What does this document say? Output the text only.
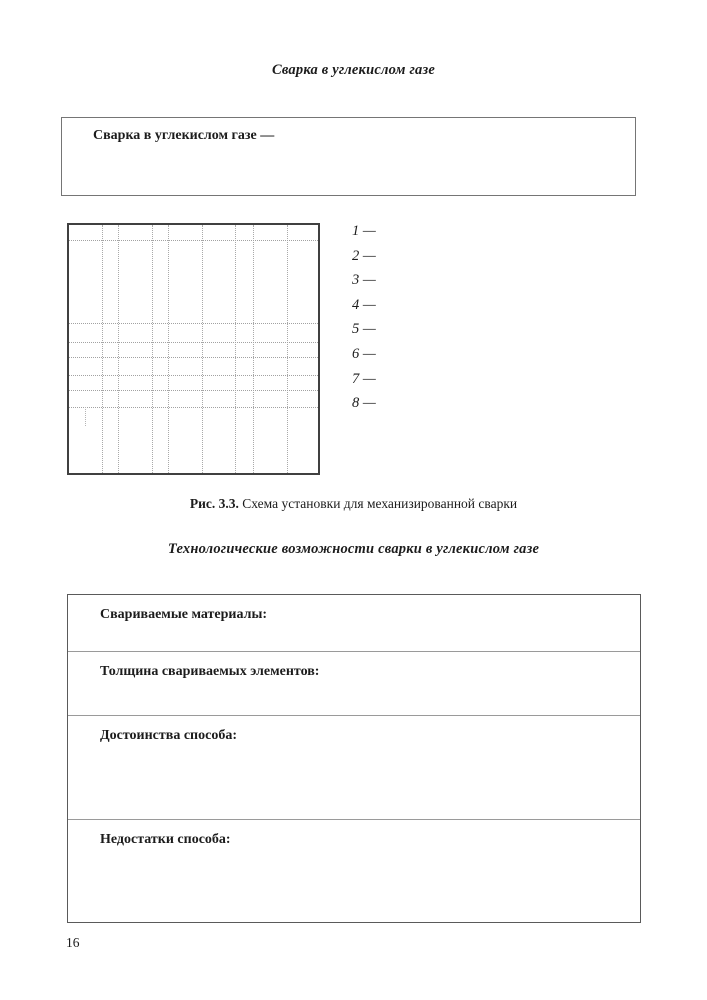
Сварка в углекислом газе
Сварка в углекислом газе —
1 —
2 —
3 —
4 —
5 —
6 —
7 —
8 —
Рис. 3.3. Схема установки для механизированной сварки
Технологические возможности сварки в углекислом газе
Свариваемые материалы:
Толщина свариваемых элементов:
Достоинства способа:
Недостатки способа:
16
